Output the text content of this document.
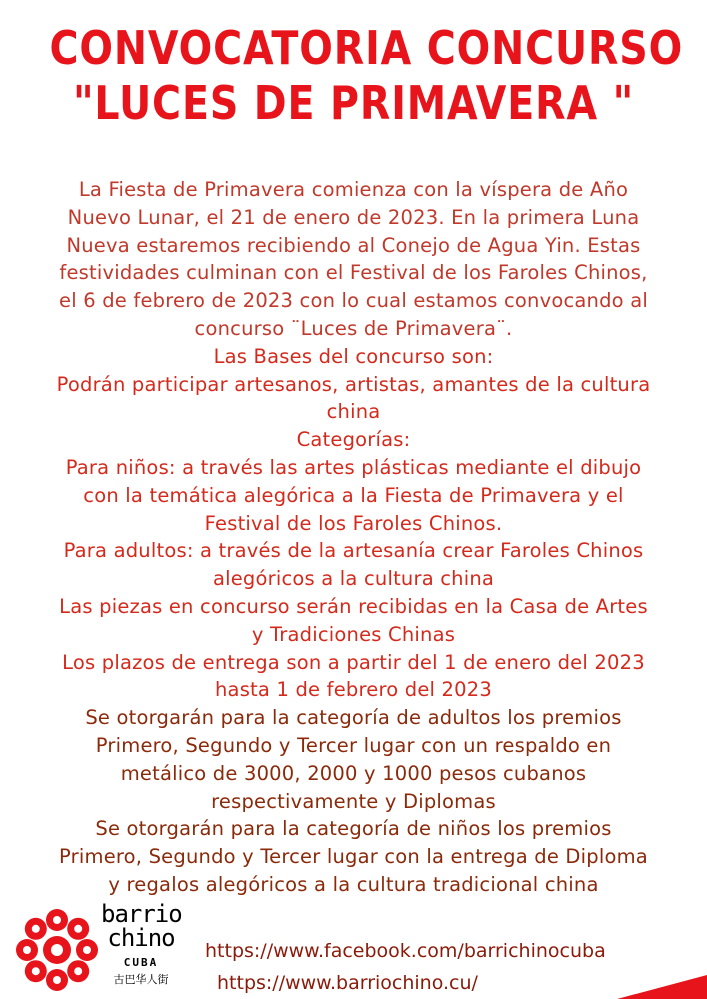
CONVOCATORIA CONCURSO
"LUCES DE PRIMAVERA "
La Fiesta de Primavera comienza con la víspera de Año
Nuevo Lunar, el 21 de enero de 2023. En la primera Luna
Nueva estaremos recibiendo al Conejo de Agua Yin. Estas
festividades culminan con el Festival de los Faroles Chinos,
el 6 de febrero de 2023 con lo cual estamos convocando al
concurso ¨Luces de Primavera¨.
Las Bases del concurso son:
Podrán participar artesanos, artistas, amantes de la cultura
china
Categorías:
Para niños: a través las artes plásticas mediante el dibujo
con la temática alegórica a la Fiesta de Primavera y el
Festival de los Faroles Chinos.
Para adultos: a través de la artesanía crear Faroles Chinos
alegóricos a la cultura china
Las piezas en concurso serán recibidas en la Casa de Artes
y Tradiciones Chinas
Los plazos de entrega son a partir del 1 de enero del 2023
hasta 1 de febrero del 2023
Se otorgarán para la categoría de adultos los premios
Primero, Segundo y Tercer lugar con un respaldo en
metálico de 3000, 2000 y 1000 pesos cubanos
respectivamente y Diplomas
Se otorgarán para la categoría de niños los premios
Primero, Segundo y Tercer lugar con la entrega de Diploma
y regalos alegóricos a la cultura tradicional china
barrio
chino
CUBA
古巴华人街
https://www.facebook.com/barrichinocuba
https://www.barriochino.cu/
